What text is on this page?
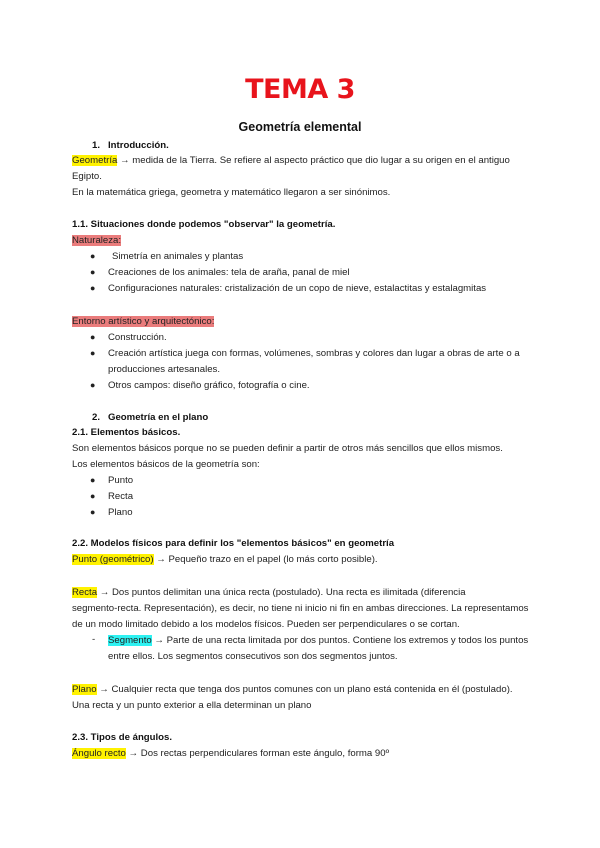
TEMA 3
Geometría elemental
1. Introducción.
Geometría → medida de la Tierra. Se refiere al aspecto práctico que dio lugar a su origen en el antiguo
Egipto.
En la matemática griega, geometra y matemático llegaron a ser sinónimos.
1.1. Situaciones donde podemos "observar" la geometría.
Naturaleza:
● Simetría en animales y plantas
● Creaciones de los animales: tela de araña, panal de miel
● Configuraciones naturales: cristalización de un copo de nieve, estalactitas y estalagmitas
Entorno artístico y arquitectónico:
● Construcción.
● Creación artística juega con formas, volúmenes, sombras y colores dan lugar a obras de arte o a
producciones artesanales.
● Otros campos: diseño gráfico, fotografía o cine.
2. Geometría en el plano
2.1. Elementos básicos.
Son elementos básicos porque no se pueden definir a partir de otros más sencillos que ellos mismos.
Los elementos básicos de la geometría son:
● Punto
● Recta
● Plano
2.2. Modelos físicos para definir los "elementos básicos" en geometría
Punto (geométrico) → Pequeño trazo en el papel (lo más corto posible).
Recta → Dos puntos delimitan una única recta (postulado). Una recta es ilimitada (diferencia
segmento-recta. Representación), es decir, no tiene ni inicio ni fin en ambas direcciones. La representamos
de un modo limitado debido a los modelos físicos. Pueden ser perpendiculares o se cortan.
- Segmento → Parte de una recta limitada por dos puntos. Contiene los extremos y todos los puntos
entre ellos. Los segmentos consecutivos son dos segmentos juntos.
Plano → Cualquier recta que tenga dos puntos comunes con un plano está contenida en él (postulado).
Una recta y un punto exterior a ella determinan un plano
2.3. Tipos de ángulos.
Ángulo recto → Dos rectas perpendiculares forman este ángulo, forma 90º
